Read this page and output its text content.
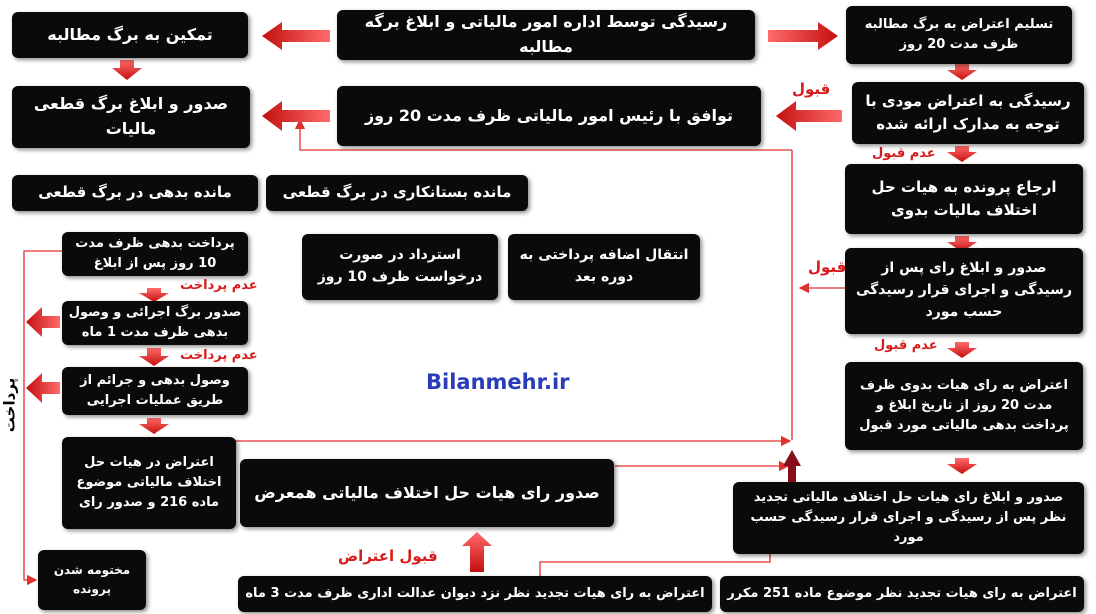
رسیدگی توسط اداره امور مالیاتی و ابلاغ برگه مطالبه
تمکین به برگ مطالبه
تسلیم اعتراض به برگ مطالبه ظرف مدت 20 روز
صدور و ابلاغ برگ قطعی مالیات
توافق با رئیس امور مالیاتی ظرف مدت 20 روز
رسیدگی به اعتراض مودی با توجه به مدارک ارائه شده
مانده بدهی در برگ قطعی	مانده بستانکاری در برگ قطعی	ارجاع پرونده به هیات حل اختلاف مالیات بدوی
پرداخت بدهی ظرف مدت 10 روز پس از ابلاغ
صدور برگ اجرائی و وصول بدهی ظرف مدت 1 ماه
وصول بدهی و جرائم از طریق عملیات اجرایی
اعتراض در هیات حل اختلاف مالیاتی موضوع ماده 216 و صدور رای
مختومه شدن پرونده
استرداد در صورت درخواست ظرف 10 روز
انتقال اضافه پرداختی به دوره بعد
صدور و ابلاغ رای پس از رسیدگی و اجرای قرار رسیدگی حسب مورد
اعتراض به رای هیات بدوی ظرف مدت 20 روز از تاریخ ابلاغ و پرداخت بدهی مالیاتی مورد قبول
صدور و ابلاغ رای هیات حل اختلاف مالیاتی تجدید نظر پس از رسیدگی و اجرای قرار رسیدگی حسب مورد
صدور رای هیات حل اختلاف مالیاتی همعرض
اعتراض به رای هیات تجدید نظر نزد دیوان عدالت اداری ظرف مدت 3 ماه	اعتراض به رای هیات تجدید نظر موضوع ماده 251 مکرر
قبول
عدم قبول
قبول
عدم قبول
عدم پرداخت
عدم پرداخت
قبول اعتراض
پرداخت	Bilanmehr.ir
